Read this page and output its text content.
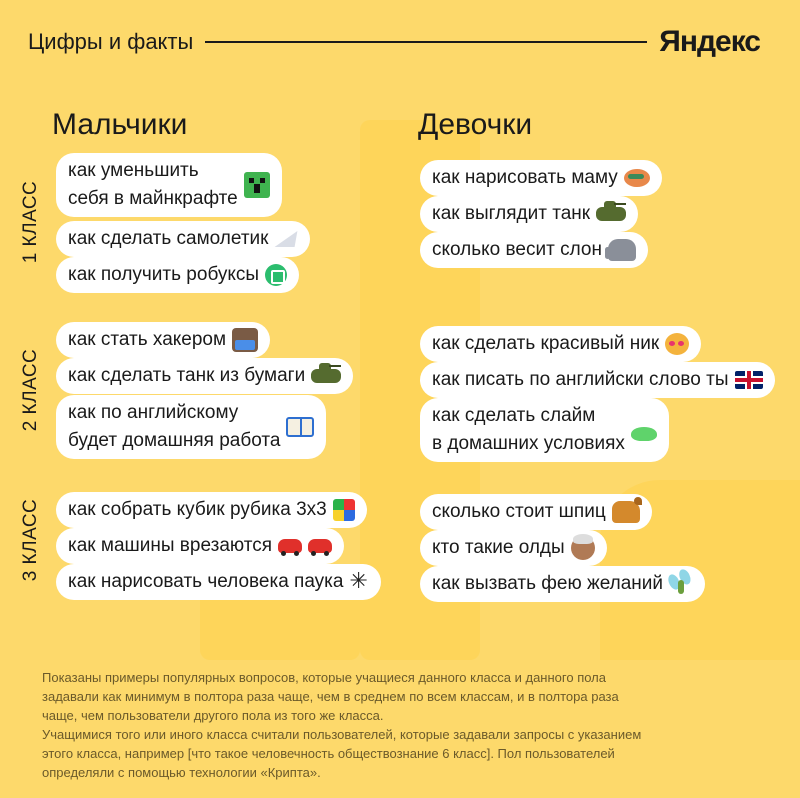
Цифры и факты	Яндекс
Мальчики	Девочки
1 КЛАСС
2 КЛАСС
3 КЛАСС
как уменьшить
себя в майнкрафте
как сделать самолетик
как получить робуксы
как стать хакером
как сделать танк из бумаги
как по английскому
будет домашняя работа
как собрать кубик рубика 3x3
как машины врезаются
как нарисовать человека паука
✳
как нарисовать маму
как выглядит танк
сколько весит слон
как сделать красивый ник
как писать по английски слово ты
как сделать слайм
в домашних условиях
сколько стоит шпиц
кто такие олды
как вызвать фею желаний

Показаны примеры популярных вопросов, которые учащиеся данного класса и данного пола
задавали как минимум в полтора раза чаще, чем в среднем по всем классам, и в полтора раза
чаще, чем пользователи другого пола из того же класса.

Учащимися того или иного класса считали пользователей, которые задавали запросы с указанием
этого класса, например [что такое человечность обществознание 6 класс]. Пол пользователей
определяли с помощью технологии «Крипта».
